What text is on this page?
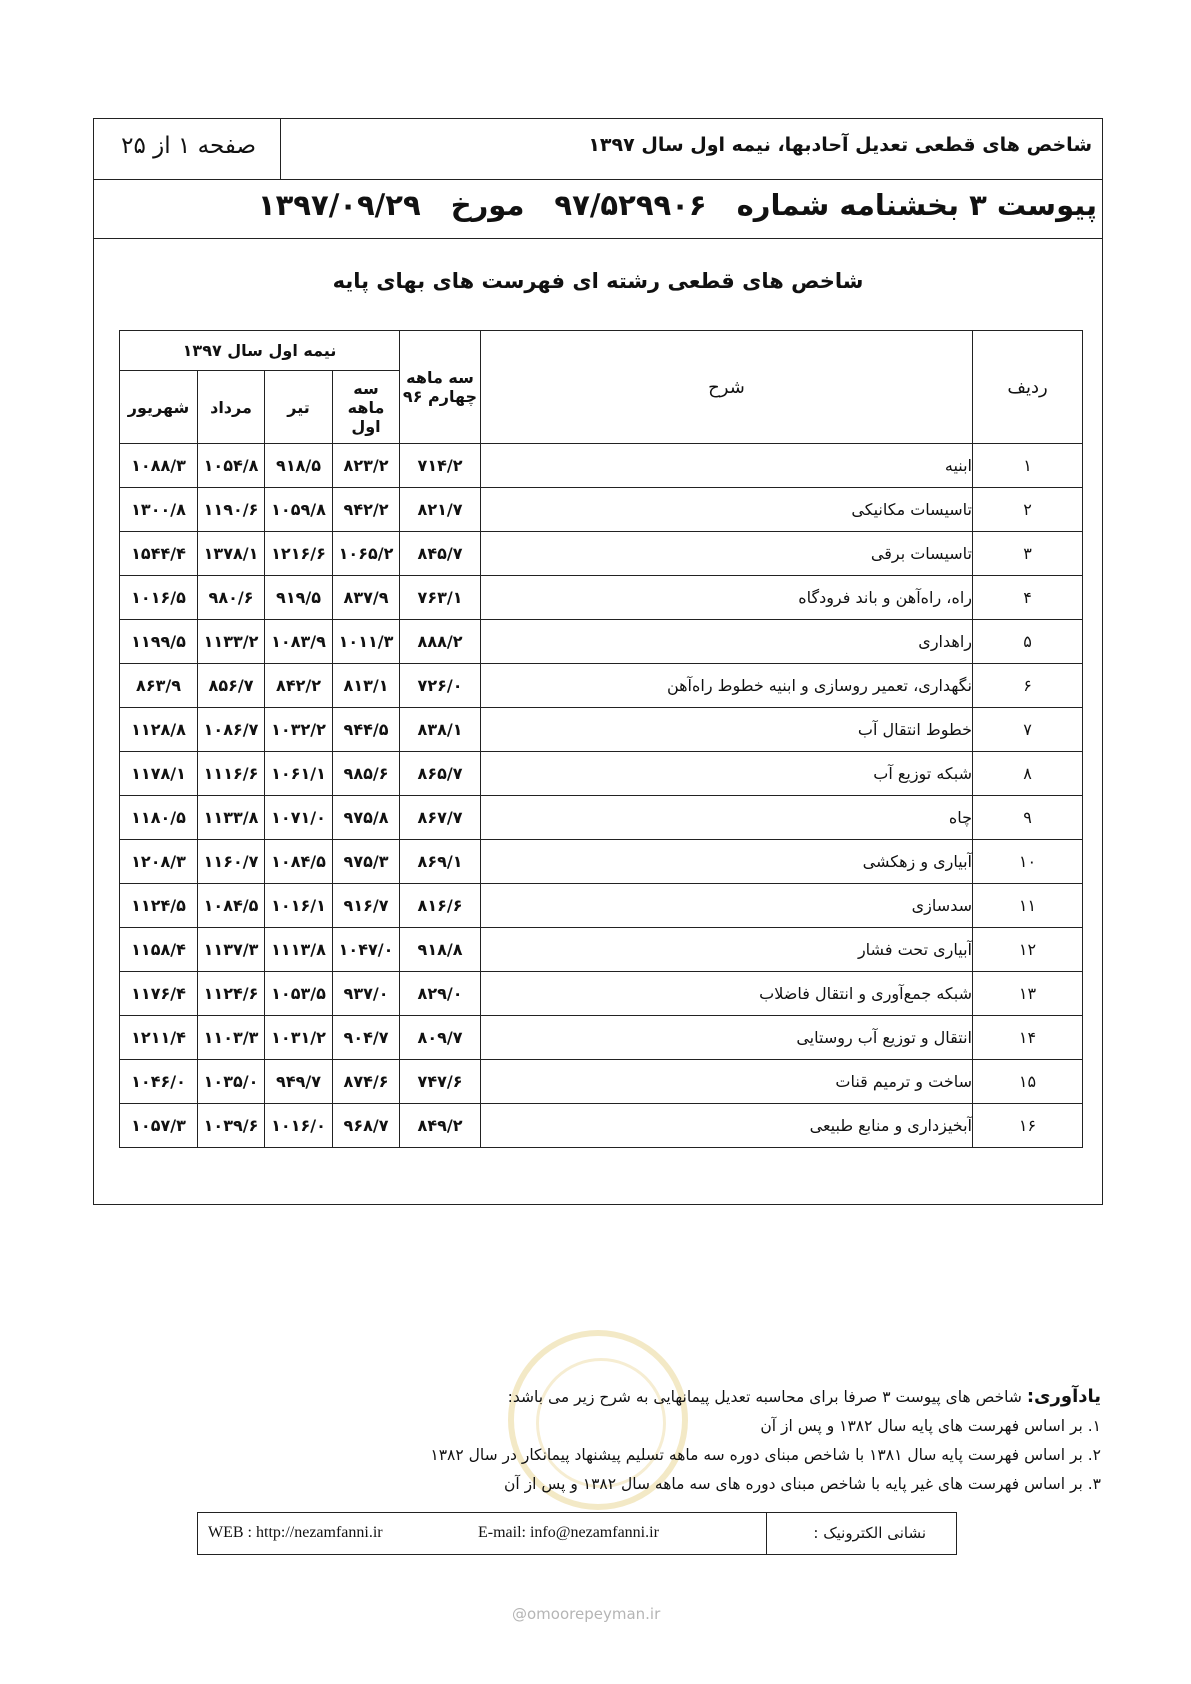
شاخص های قطعی تعدیل آحادبها، نیمه اول سال ۱۳۹۷
صفحه ۱ از ۲۵
پیوست ۳ بخشنامه شماره۹۷/۵۲۹۹۰۶مورخ۱۳۹۷/۰۹/۲۹
شاخص های قطعی رشته ای فهرست های بهای پایه
ردیف	شرح	سه ماهه چهارم ۹۶	نیمه اول سال ۱۳۹۷			
			سه ماهه اول	تیر	مرداد	شهریور
۱	ابنیه	۷۱۴/۲	۸۲۳/۲	۹۱۸/۵	۱۰۵۴/۸	۱۰۸۸/۳
۲	تاسیسات مکانیکی	۸۲۱/۷	۹۴۲/۲	۱۰۵۹/۸	۱۱۹۰/۶	۱۳۰۰/۸
۳	تاسیسات برقی	۸۴۵/۷	۱۰۶۵/۲	۱۲۱۶/۶	۱۳۷۸/۱	۱۵۴۴/۴
۴	راه، راه‌آهن و باند فرودگاه	۷۶۳/۱	۸۳۷/۹	۹۱۹/۵	۹۸۰/۶	۱۰۱۶/۵
۵	راهداری	۸۸۸/۲	۱۰۱۱/۳	۱۰۸۳/۹	۱۱۳۳/۲	۱۱۹۹/۵
۶	نگهداری، تعمیر روسازی و ابنیه خطوط راه‌آهن	۷۲۶/۰	۸۱۳/۱	۸۴۲/۲	۸۵۶/۷	۸۶۳/۹
۷	خطوط انتقال آب	۸۳۸/۱	۹۴۴/۵	۱۰۳۲/۲	۱۰۸۶/۷	۱۱۲۸/۸
۸	شبکه توزیع آب	۸۶۵/۷	۹۸۵/۶	۱۰۶۱/۱	۱۱۱۶/۶	۱۱۷۸/۱
۹	چاه	۸۶۷/۷	۹۷۵/۸	۱۰۷۱/۰	۱۱۳۳/۸	۱۱۸۰/۵
۱۰	آبیاری و زهکشی	۸۶۹/۱	۹۷۵/۳	۱۰۸۴/۵	۱۱۶۰/۷	۱۲۰۸/۳
۱۱	سدسازی	۸۱۶/۶	۹۱۶/۷	۱۰۱۶/۱	۱۰۸۴/۵	۱۱۲۴/۵
۱۲	آبیاری تحت فشار	۹۱۸/۸	۱۰۴۷/۰	۱۱۱۳/۸	۱۱۳۷/۳	۱۱۵۸/۴
۱۳	شبکه جمع‌آوری و انتقال فاضلاب	۸۲۹/۰	۹۳۷/۰	۱۰۵۳/۵	۱۱۲۴/۶	۱۱۷۶/۴
۱۴	انتقال و توزیع آب روستایی	۸۰۹/۷	۹۰۴/۷	۱۰۳۱/۲	۱۱۰۳/۳	۱۲۱۱/۴
۱۵	ساخت و ترمیم قنات	۷۴۷/۶	۸۷۴/۶	۹۴۹/۷	۱۰۳۵/۰	۱۰۴۶/۰
۱۶	آبخیزداری و منابع طبیعی	۸۴۹/۲	۹۶۸/۷	۱۰۱۶/۰	۱۰۳۹/۶	۱۰۵۷/۳
یادآوری: شاخص های پیوست ۳ صرفا برای محاسبه تعدیل پیمانهایی به شرح زیر می باشد:
۱. بر اساس فهرست های پایه سال ۱۳۸۲ و پس از آن
۲. بر اساس فهرست پایه سال ۱۳۸۱ با شاخص مبنای دوره سه ماهه تسلیم پیشنهاد پیمانکار در سال ۱۳۸۲
۳. بر اساس فهرست های غیر پایه با شاخص مبنای دوره های سه ماهه سال ۱۳۸۲ و پس از آن
WEB : http://nezamfanni.ir	E-mail: info@nezamfanni.ir	نشانی الکترونیک :
@omoorepeyman.ir
